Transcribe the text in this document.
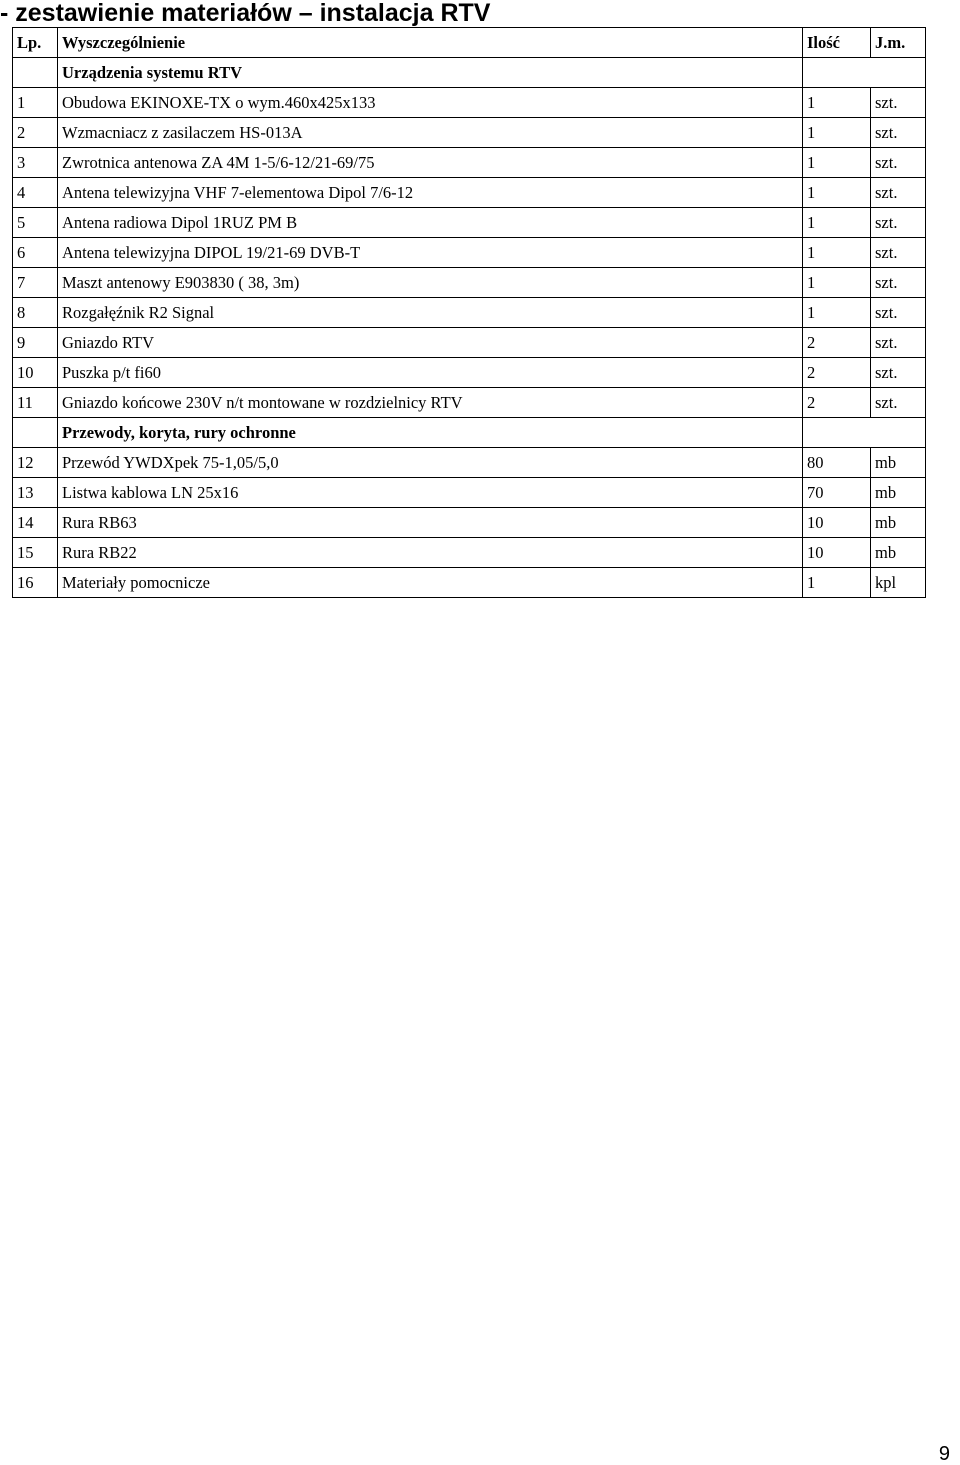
- zestawienie materiałów – instalacja RTV
Lp.	Wyszczególnienie	Ilość	J.m.
	Urządzenia systemu RTV		
1	Obudowa EKINOXE-TX o wym.460x425x133	1	szt.
2	Wzmacniacz z zasilaczem HS-013A	1	szt.
3	Zwrotnica antenowa ZA 4M 1-5/6-12/21-69/75	1	szt.
4	Antena telewizyjna VHF 7-elementowa Dipol 7/6-12	1	szt.
5	Antena radiowa Dipol 1RUZ PM B	1	szt.
6	Antena telewizyjna DIPOL 19/21-69 DVB-T	1	szt.
7	Maszt antenowy E903830 ( 38, 3m)	1	szt.
8	Rozgałęźnik R2 Signal	1	szt.
9	Gniazdo RTV	2	szt.
10	Puszka p/t fi60	2	szt.
11	Gniazdo końcowe 230V n/t montowane w rozdzielnicy RTV	2	szt.
	Przewody, koryta, rury ochronne		
12	Przewód YWDXpek 75-1,05/5,0	80	mb
13	Listwa kablowa LN 25x16	70	mb
14	Rura RB63	10	mb
15	Rura RB22	10	mb
16	Materiały pomocnicze	1	kpl
9
